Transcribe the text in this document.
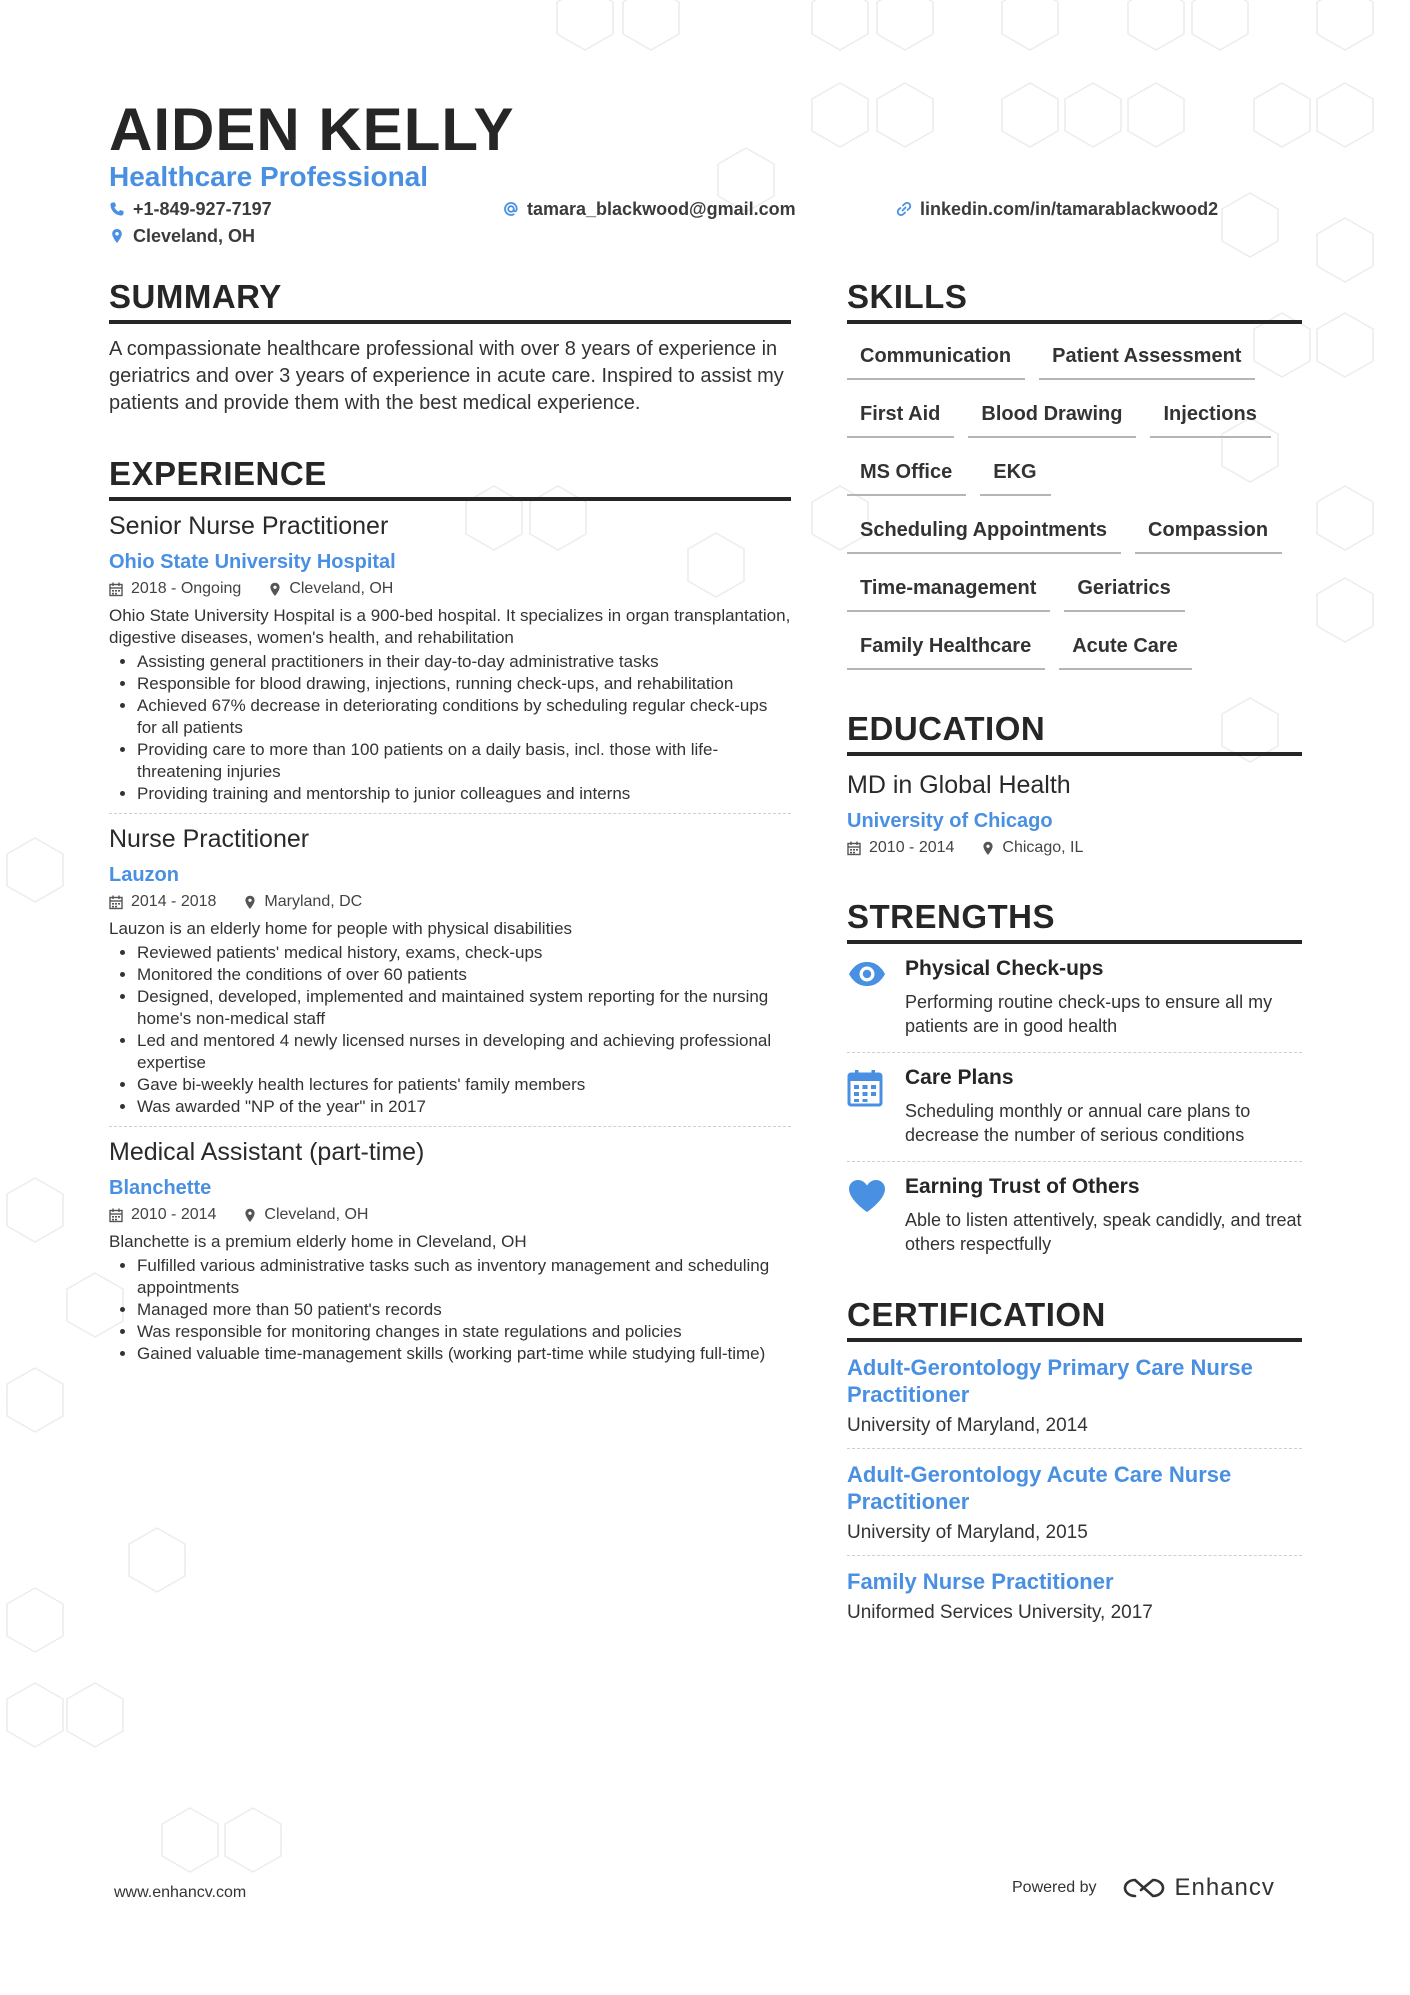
AIDEN KELLY
Healthcare Professional
+1-849-927-7197	tamara_blackwood@gmail.com	linkedin.com/in/tamarablackwood2
Cleveland, OH
SUMMARY

A compassionate healthcare professional with over 8 years of experience in geriatrics and over 3 years of experience in acute care. Inspired to assist my patients and provide them with the best medical experience.

EXPERIENCE
Senior Nurse Practitioner
Ohio State University Hospital
2018 - Ongoing	Cleveland, OH
Ohio State University Hospital is a 900-bed hospital. It specializes in organ transplantation, digestive diseases, women's health, and rehabilitation
• Assisting general practitioners in their day-to-day administrative tasks
• Responsible for blood drawing, injections, running check-ups, and rehabilitation
• Achieved 67% decrease in deteriorating conditions by scheduling regular check-ups for all patients
• Providing care to more than 100 patients on a daily basis, incl. those with life-threatening injuries
• Providing training and mentorship to junior colleagues and interns
Nurse Practitioner
Lauzon
2014 - 2018	Maryland, DC
Lauzon is an elderly home for people with physical disabilities
• Reviewed patients' medical history, exams, check-ups
• Monitored the conditions of over 60 patients
• Designed, developed, implemented and maintained system reporting for the nursing home's non-medical staff
• Led and mentored 4 newly licensed nurses in developing and achieving professional expertise
• Gave bi-weekly health lectures for patients' family members
• Was awarded "NP of the year" in 2017
Medical Assistant (part-time)
Blanchette
2010 - 2014	Cleveland, OH
Blanchette is a premium elderly home in Cleveland, OH
• Fulfilled various administrative tasks such as inventory management and scheduling appointments
• Managed more than 50 patient's records
• Was responsible for monitoring changes in state regulations and policies
• Gained valuable time-management skills (working part-time while studying full-time)
SKILLS
Communication	Patient Assessment
First Aid	Blood Drawing	Injections
MS Office	EKG
Scheduling Appointments	Compassion
Time-management	Geriatrics
Family Healthcare	Acute Care
EDUCATION
MD in Global Health
University of Chicago
2010 - 2014	Chicago, IL
STRENGTHS
Physical Check-ups
Performing routine check-ups to ensure all my patients are in good health
Care Plans
Scheduling monthly or annual care plans to decrease the number of serious conditions
Earning Trust of Others
Able to listen attentively, speak candidly, and treat others respectfully
CERTIFICATION
Adult-Gerontology Primary Care Nurse Practitioner
University of Maryland, 2014
Adult-Gerontology Acute Care Nurse Practitioner
University of Maryland, 2015
Family Nurse Practitioner
Uniformed Services University, 2017
www.enhancv.com	Powered by	Enhancv
